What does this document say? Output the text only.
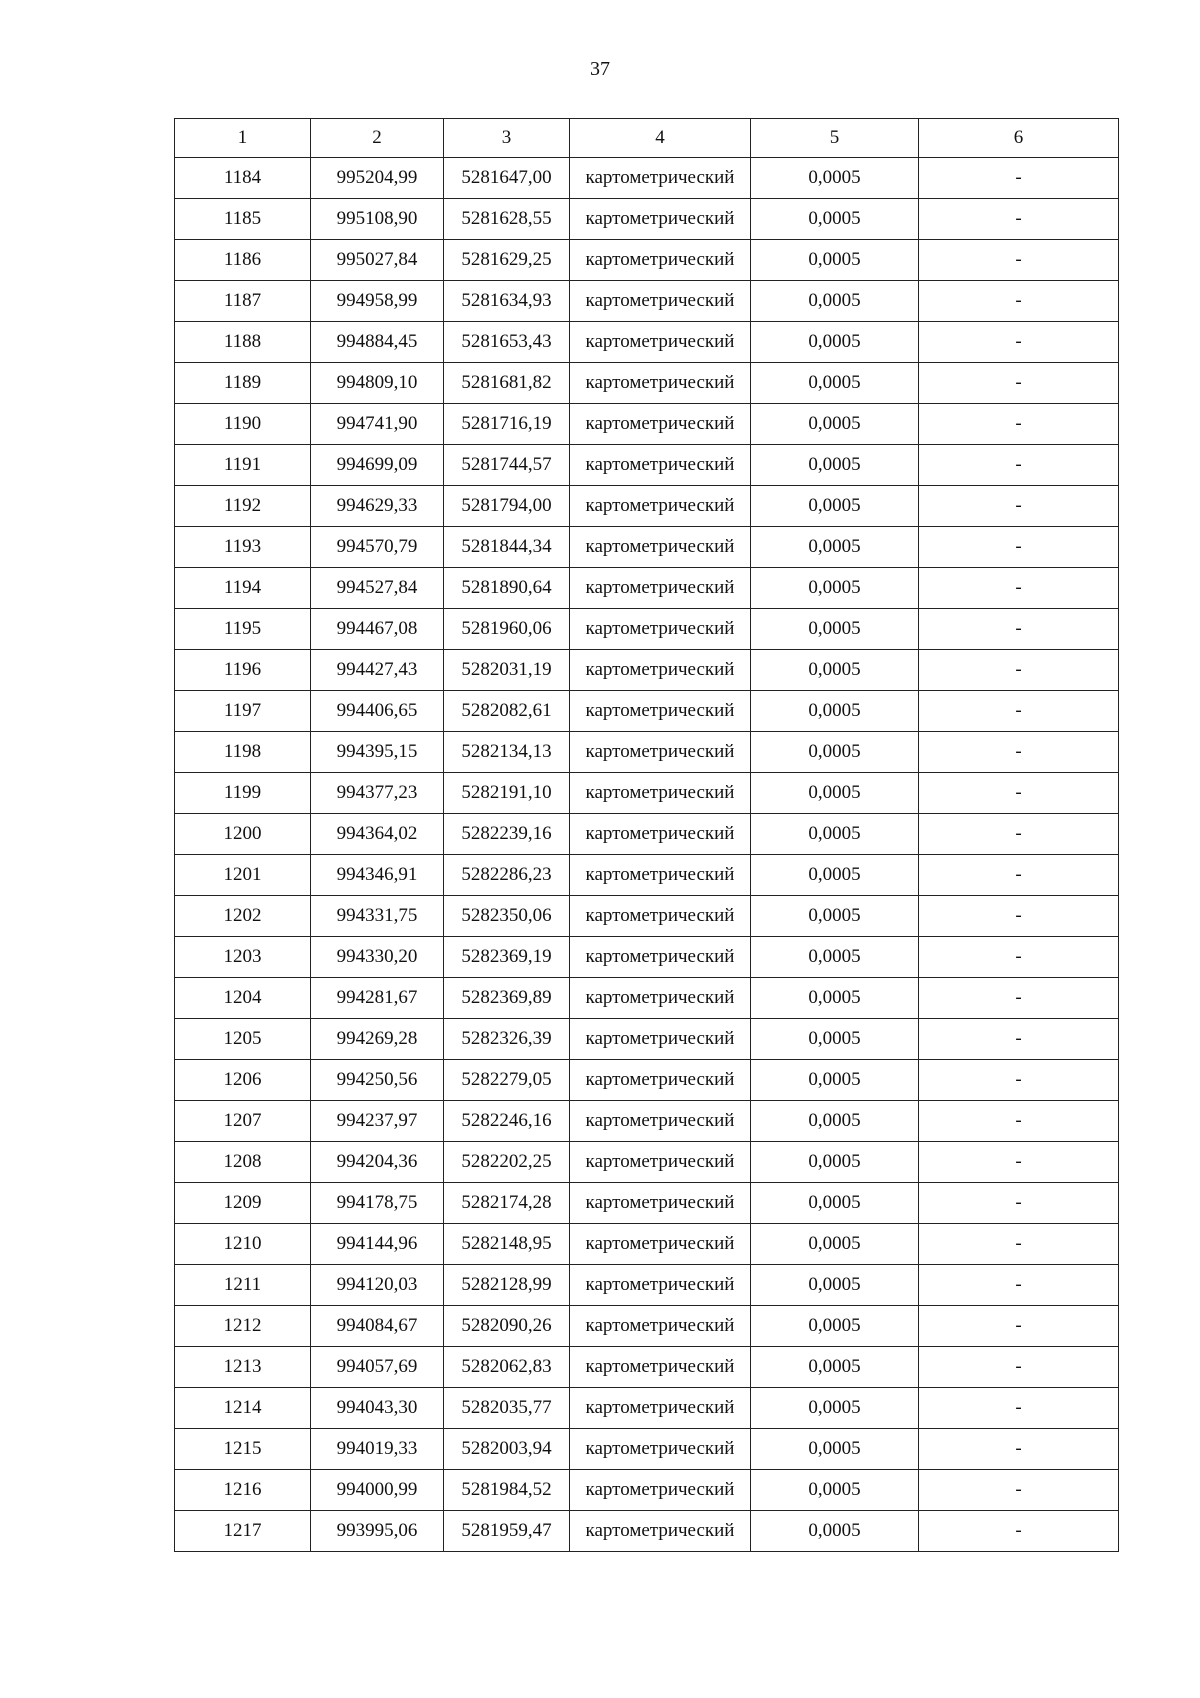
37
1	2	3	4	5	6
1184	995204,99	5281647,00	картометрический	0,0005	-
1185	995108,90	5281628,55	картометрический	0,0005	-
1186	995027,84	5281629,25	картометрический	0,0005	-
1187	994958,99	5281634,93	картометрический	0,0005	-
1188	994884,45	5281653,43	картометрический	0,0005	-
1189	994809,10	5281681,82	картометрический	0,0005	-
1190	994741,90	5281716,19	картометрический	0,0005	-
1191	994699,09	5281744,57	картометрический	0,0005	-
1192	994629,33	5281794,00	картометрический	0,0005	-
1193	994570,79	5281844,34	картометрический	0,0005	-
1194	994527,84	5281890,64	картометрический	0,0005	-
1195	994467,08	5281960,06	картометрический	0,0005	-
1196	994427,43	5282031,19	картометрический	0,0005	-
1197	994406,65	5282082,61	картометрический	0,0005	-
1198	994395,15	5282134,13	картометрический	0,0005	-
1199	994377,23	5282191,10	картометрический	0,0005	-
1200	994364,02	5282239,16	картометрический	0,0005	-
1201	994346,91	5282286,23	картометрический	0,0005	-
1202	994331,75	5282350,06	картометрический	0,0005	-
1203	994330,20	5282369,19	картометрический	0,0005	-
1204	994281,67	5282369,89	картометрический	0,0005	-
1205	994269,28	5282326,39	картометрический	0,0005	-
1206	994250,56	5282279,05	картометрический	0,0005	-
1207	994237,97	5282246,16	картометрический	0,0005	-
1208	994204,36	5282202,25	картометрический	0,0005	-
1209	994178,75	5282174,28	картометрический	0,0005	-
1210	994144,96	5282148,95	картометрический	0,0005	-
1211	994120,03	5282128,99	картометрический	0,0005	-
1212	994084,67	5282090,26	картометрический	0,0005	-
1213	994057,69	5282062,83	картометрический	0,0005	-
1214	994043,30	5282035,77	картометрический	0,0005	-
1215	994019,33	5282003,94	картометрический	0,0005	-
1216	994000,99	5281984,52	картометрический	0,0005	-
1217	993995,06	5281959,47	картометрический	0,0005	-
